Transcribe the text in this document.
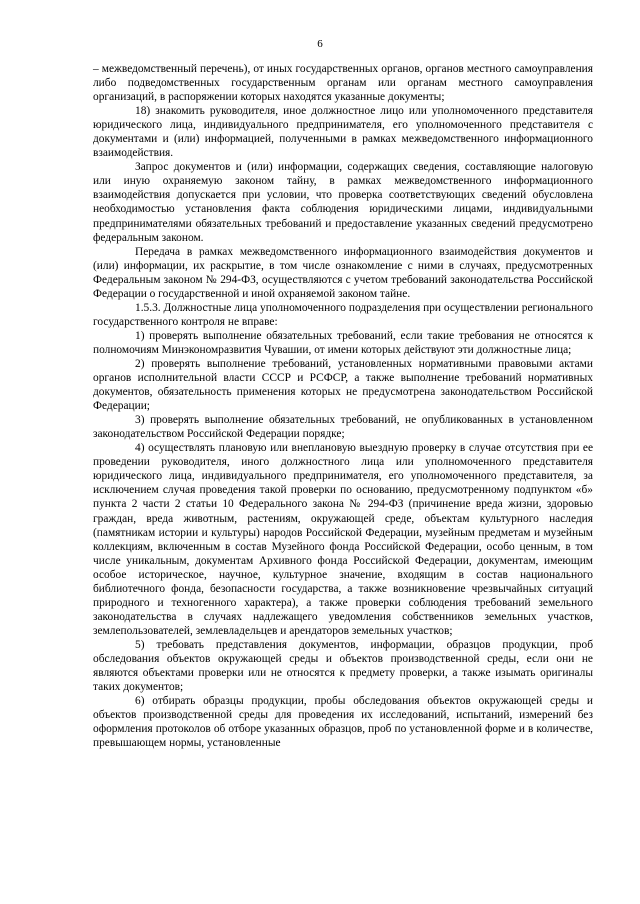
6

– межведомственный перечень), от иных государственных органов, органов местного самоуправления либо подведомственных государственным органам или органам местного самоуправления организаций, в распоряжении которых находятся указанные документы;

18) знакомить руководителя, иное должностное лицо или уполномоченного представителя юридического лица, индивидуального предпринимателя, его уполномоченного представителя с документами и (или) информацией, полученными в рамках межведомственного информационного взаимодействия.

Запрос документов и (или) информации, содержащих сведения, составляющие налоговую или иную охраняемую законом тайну, в рамках межведомственного информационного взаимодействия допускается при условии, что проверка соответствующих сведений обусловлена необходимостью установления факта соблюдения юридическими лицами, индивидуальными предпринимателями обязательных требований и предоставление указанных сведений предусмотрено федеральным законом.

Передача в рамках межведомственного информационного взаимодействия документов и (или) информации, их раскрытие, в том числе ознакомление с ними в случаях, предусмотренных Федеральным законом № 294-ФЗ, осуществляются с учетом требований законодательства Российской Федерации о государственной и иной охраняемой законом тайне.

1.5.3. Должностные лица уполномоченного подразделения при осуществлении регионального государственного контроля не вправе:

1) проверять выполнение обязательных требований, если такие требования не относятся к полномочиям Минэкономразвития Чувашии, от имени которых действуют эти должностные лица;

2) проверять выполнение требований, установленных нормативными правовыми актами органов исполнительной власти СССР и РСФСР, а также выполнение требований нормативных документов, обязательность применения которых не предусмотрена законодательством Российской Федерации;

3) проверять выполнение обязательных требований, не опубликованных в установленном законодательством Российской Федерации порядке;

4) осуществлять плановую или внеплановую выездную проверку в случае отсутствия при ее проведении руководителя, иного должностного лица или уполномоченного представителя юридического лица, индивидуального предпринимателя, его уполномоченного представителя, за исключением случая проведения такой проверки по основанию, предусмотренному подпунктом «б» пункта 2 части 2 статьи 10 Федерального закона № 294-ФЗ (причинение вреда жизни, здоровью граждан, вреда животным, растениям, окружающей среде, объектам культурного наследия (памятникам истории и культуры) народов Российской Федерации, музейным предметам и музейным коллекциям, включенным в состав Музейного фонда Российской Федерации, особо ценным, в том числе уникальным, документам Архивного фонда Российской Федерации, документам, имеющим особое историческое, научное, культурное значение, входящим в состав национального библиотечного фонда, безопасности государства, а также возникновение чрезвычайных ситуаций природного и техногенного характера), а также проверки соблюдения требований земельного законодательства в случаях надлежащего уведомления собственников земельных участков, землепользователей, землевладельцев и арендаторов земельных участков;

5) требовать представления документов, информации, образцов продукции, проб обследования объектов окружающей среды и объектов производственной среды, если они не являются объектами проверки или не относятся к предмету проверки, а также изымать оригиналы таких документов;

6) отбирать образцы продукции, пробы обследования объектов окружающей среды и объектов производственной среды для проведения их исследований, испытаний, измерений без оформления протоколов об отборе указанных образцов, проб по установленной форме и в количестве, превышающем нормы, установленные
